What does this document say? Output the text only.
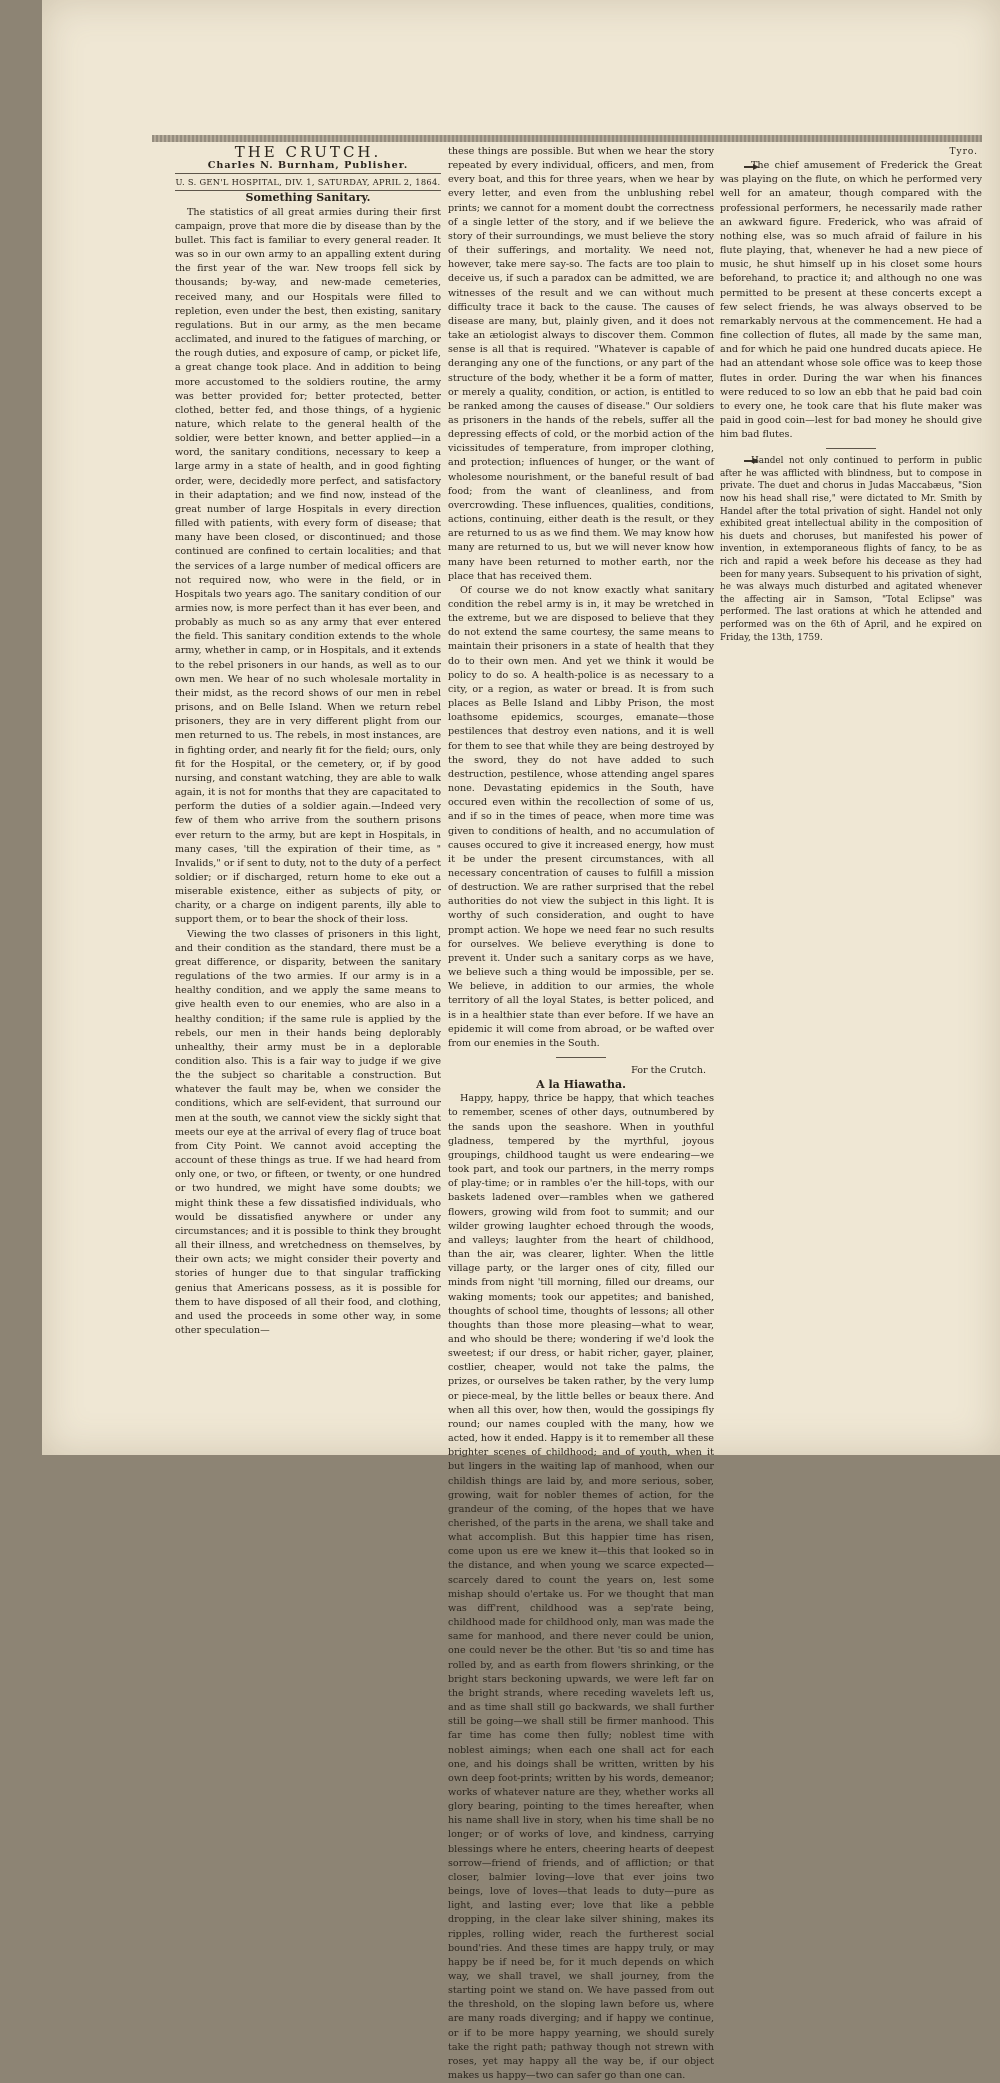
THE CRUTCH.

Charles N. Burnham, Publisher.

U. S. GEN'L HOSPITAL, DIV. 1, SATURDAY, APRIL 2, 1864.

Something Sanitary.

The statistics of all great armies during their first campaign, prove that more die by disease than by the bullet. This fact is familiar to every general reader. It was so in our own army to an appalling extent during the first year of the war. New troops fell sick by thousands; by-way, and new-made cemeteries, received many, and our Hospitals were filled to repletion, even under the best, then existing, sanitary regulations. But in our army, as the men became acclimated, and inured to the fatigues of marching, or the rough duties, and exposure of camp, or picket life, a great change took place. And in addition to being more accustomed to the soldiers routine, the army was better provided for; better protected, better clothed, better fed, and those things, of a hygienic nature, which relate to the general health of the soldier, were better known, and better applied—in a word, the sanitary conditions, necessary to keep a large army in a state of health, and in good fighting order, were, decidedly more perfect, and satisfactory in their adaptation; and we find now, instead of the great number of large Hospitals in every direction filled with patients, with every form of disease; that many have been closed, or discontinued; and those continued are confined to certain localities; and that the services of a large number of medical officers are not required now, who were in the field, or in Hospitals two years ago. The sanitary condition of our armies now, is more perfect than it has ever been, and probably as much so as any army that ever entered the field. This sanitary condition extends to the whole army, whether in camp, or in Hospitals, and it extends to the rebel prisoners in our hands, as well as to our own men. We hear of no such wholesale mortality in their midst, as the record shows of our men in rebel prisons, and on Belle Island. When we return rebel prisoners, they are in very different plight from our men returned to us. The rebels, in most instances, are in fighting order, and nearly fit for the field; ours, only fit for the Hospital, or the cemetery, or, if by good nursing, and constant watching, they are able to walk again, it is not for months that they are capacitated to perform the duties of a soldier again.—Indeed very few of them who arrive from the southern prisons ever return to the army, but are kept in Hospitals, in many cases, 'till the expiration of their time, as " Invalids," or if sent to duty, not to the duty of a perfect soldier; or if discharged, return home to eke out a miserable existence, either as subjects of pity, or charity, or a charge on indigent parents, illy able to support them, or to bear the shock of their loss.

Viewing the two classes of prisoners in this light, and their condition as the standard, there must be a great difference, or disparity, between the sanitary regulations of the two armies. If our army is in a healthy condition, and we apply the same means to give health even to our enemies, who are also in a healthy condition; if the same rule is applied by the rebels, our men in their hands being deplorably unhealthy, their army must be in a deplorable condition also. This is a fair way to judge if we give the the subject so charitable a construction. But whatever the fault may be, when we consider the conditions, which are self-evident, that surround our men at the south, we cannot view the sickly sight that meets our eye at the arrival of every flag of truce boat from City Point. We cannot avoid accepting the account of these things as true. If we had heard from only one, or two, or fifteen, or twenty, or one hundred or two hundred, we might have some doubts; we might think these a few dissatisfied individuals, who would be dissatisfied anywhere or under any circumstances; and it is possible to think they brought all their illness, and wretchedness on themselves, by their own acts; we might consider their poverty and stories of hunger due to that singular trafficking genius that Americans possess, as it is possible for them to have disposed of all their food, and clothing, and used the proceeds in some other way, in some other speculation—

these things are possible. But when we hear the story repeated by every individual, officers, and men, from every boat, and this for three years, when we hear by every letter, and even from the unblushing rebel prints; we cannot for a moment doubt the correctness of a single letter of the story, and if we believe the story of their surroundings, we must believe the story of their sufferings, and mortality. We need not, however, take mere say-so. The facts are too plain to deceive us, if such a paradox can be admitted, we are witnesses of the result and we can without much difficulty trace it back to the cause. The causes of disease are many, but, plainly given, and it does not take an ætiologist always to discover them. Common sense is all that is required. "Whatever is capable of deranging any one of the functions, or any part of the structure of the body, whether it be a form of matter, or merely a quality, condition, or action, is entitled to be ranked among the causes of disease." Our soldiers as prisoners in the hands of the rebels, suffer all the depressing effects of cold, or the morbid action of the vicissitudes of temperature, from improper clothing, and protection; influences of hunger, or the want of wholesome nourishment, or the baneful result of bad food; from the want of cleanliness, and from overcrowding. These influences, qualities, conditions, actions, continuing, either death is the result, or they are returned to us as we find them. We may know how many are returned to us, but we will never know how many have been returned to mother earth, nor the place that has received them.

Of course we do not know exactly what sanitary condition the rebel army is in, it may be wretched in the extreme, but we are disposed to believe that they do not extend the same courtesy, the same means to maintain their prisoners in a state of health that they do to their own men. And yet we think it would be policy to do so. A health-police is as necessary to a city, or a region, as water or bread. It is from such places as Belle Island and Libby Prison, the most loathsome epidemics, scourges, emanate—those pestilences that destroy even nations, and it is well for them to see that while they are being destroyed by the sword, they do not have added to such destruction, pestilence, whose attending angel spares none. Devastating epidemics in the South, have occured even within the recollection of some of us, and if so in the times of peace, when more time was given to conditions of health, and no accumulation of causes occured to give it increased energy, how must it be under the present circumstances, with all necessary concentration of causes to fulfill a mission of destruction. We are rather surprised that the rebel authorities do not view the subject in this light. It is worthy of such consideration, and ought to have prompt action. We hope we need fear no such results for ourselves. We believe everything is done to prevent it. Under such a sanitary corps as we have, we believe such a thing would be impossible, per se. We believe, in addition to our armies, the whole territory of all the loyal States, is better policed, and is in a healthier state than ever before. If we have an epidemic it will come from abroad, or be wafted over from our enemies in the South.

For the Crutch.

A la Hiawatha.

Happy, happy, thrice be happy, that which teaches to remember, scenes of other days, outnumbered by the sands upon the seashore. When in youthful gladness, tempered by the myrthful, joyous groupings, childhood taught us were endearing—we took part, and took our partners, in the merry romps of play-time; or in rambles o'er the hill-tops, with our baskets ladened over—rambles when we gathered flowers, growing wild from foot to summit; and our wilder growing laughter echoed through the woods, and valleys; laughter from the heart of childhood, than the air, was clearer, lighter. When the little village party, or the larger ones of city, filled our minds from night 'till morning, filled our dreams, our waking moments; took our appetites; and banished, thoughts of school time, thoughts of lessons; all other thoughts than those more pleasing—what to wear, and who should be there; wondering if we'd look the sweetest; if our dress, or habit richer, gayer, plainer, costlier, cheaper, would not take the palms, the prizes, or ourselves be taken rather, by the very lump or piece-meal, by the little belles or beaux there. And when all this over, how then, would the gossipings fly round; our names coupled with the many, how we acted, how it ended. Happy is it to remember all these brighter scenes of childhood; and of youth, when it but lingers in the waiting lap of manhood, when our childish things are laid by, and more serious, sober, growing, wait for nobler themes of action, for the grandeur of the coming, of the hopes that we have cherished, of the parts in the arena, we shall take and what accomplish. But this happier time has risen, come upon us ere we knew it—this that looked so in the distance, and when young we scarce expected—scarcely dared to count the years on, lest some mishap should o'ertake us. For we thought that man was diff'rent, childhood was a sep'rate being, childhood made for childhood only, man was made the same for manhood, and there never could be union, one could never be the other. But 'tis so and time has rolled by, and as earth from flowers shrinking, or the bright stars beckoning upwards, we were left far on the bright strands, where receding wavelets left us, and as time shall still go backwards, we shall further still be going—we shall still be firmer manhood. This far time has come then fully; noblest time with noblest aimings; when each one shall act for each one, and his doings shall be written, written by his own deep foot-prints; written by his words, demeanor; works of whatever nature are they, whether works all glory bearing, pointing to the times hereafter, when his name shall live in story, when his time shall be no longer; or of works of love, and kindness, carrying blessings where he enters, cheering hearts of deepest sorrow—friend of friends, and of affliction; or that closer, balmier loving—love that ever joins two beings, love of loves—that leads to duty—pure as light, and lasting ever; love that like a pebble dropping, in the clear lake silver shining, makes its ripples, rolling wider, reach the furtherest social bound'ries. And these times are happy truly, or may happy be if need be, for it much depends on which way, we shall travel, we shall journey, from the starting point we stand on. We have passed from out the threshold, on the sloping lawn before us, where are many roads diverging; and if happy we continue, or if to be more happy yearning, we should surely take the right path; pathway though not strewn with roses, yet may happy all the way be, if our object makes us happy—two can safer go than one can.

Tyro.

The chief amusement of Frederick the Great was playing on the flute, on which he performed very well for an amateur, though compared with the professional performers, he necessarily made rather an awkward figure. Frederick, who was afraid of nothing else, was so much afraid of failure in his flute playing, that, whenever he had a new piece of music, he shut himself up in his closet some hours beforehand, to practice it; and although no one was permitted to be present at these concerts except a few select friends, he was always observed to be remarkably nervous at the commencement. He had a fine collection of flutes, all made by the same man, and for which he paid one hundred ducats apiece. He had an attendant whose sole office was to keep those flutes in order. During the war when his finances were reduced to so low an ebb that he paid bad coin to every one, he took care that his flute maker was paid in good coin—lest for bad money he should give him bad flutes.

Handel not only continued to perform in public after he was afflicted with blindness, but to compose in private. The duet and chorus in Judas Maccabæus, "Sion now his head shall rise," were dictated to Mr. Smith by Handel after the total privation of sight. Handel not only exhibited great intellectual ability in the composition of his duets and choruses, but manifested his power of invention, in extemporaneous flights of fancy, to be as rich and rapid a week before his decease as they had been for many years. Subsequent to his privation of sight, he was always much disturbed and agitated whenever the affecting air in Samson, "Total Eclipse" was performed. The last orations at which he attended and performed was on the 6th of April, and he expired on Friday, the 13th, 1759.
